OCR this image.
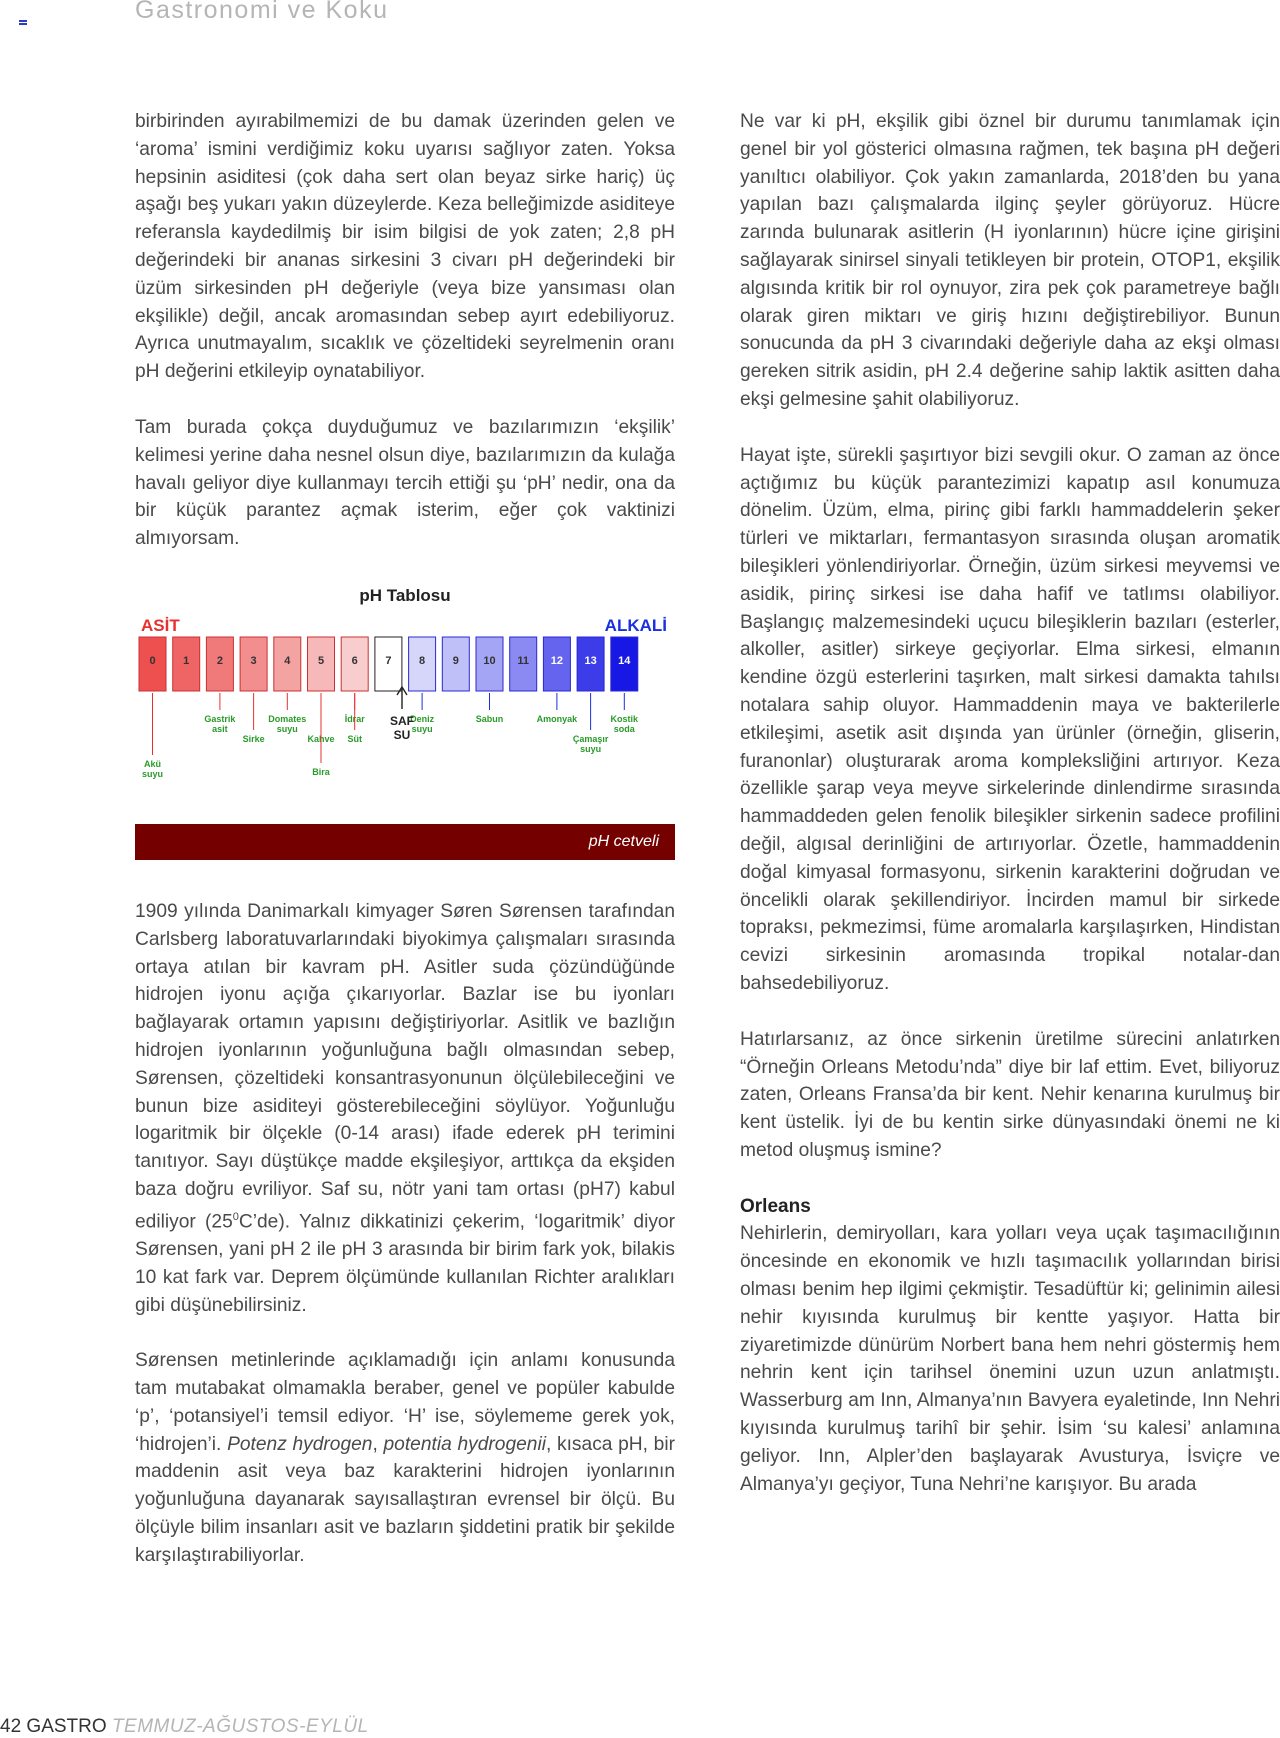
Gastronomi ve Koku

birbirinden ayırabilmemizi de bu damak üzerinden gelen ve ‘aroma’ ismini verdiğimiz koku uyarısı sağlıyor zaten. Yoksa hepsinin asiditesi (çok daha sert olan beyaz sirke hariç) üç aşağı beş yukarı yakın düzeylerde. Keza belleğimizde asiditeye referansla kaydedilmiş bir isim bilgisi de yok zaten; 2,8 pH değerindeki bir ananas sirkesini 3 civarı pH değerindeki bir üzüm sirkesinden pH değeriyle (veya bize yansıması olan ekşilikle) değil, ancak aromasından sebep ayırt edebiliyoruz. Ayrıca unutmayalım, sıcaklık ve çözeltideki seyrelmenin oranı pH değerini etkileyip oynatabiliyor.

Tam burada çokça duyduğumuz ve bazılarımızın ‘ekşilik’ kelimesi yerine daha nesnel olsun diye, bazılarımızın da kulağa havalı geliyor diye kullanmayı tercih ettiği şu ‘pH’ nedir, ona da bir küçük parantez açmak isterim, eğer çok vaktinizi almıyorsam.

pH Tablosu
ASİT	ALKALİ
0	1	2	3	4	5	6	7	8	9 10 11 12 13 14
Akü
suyu
Gastrik
asit
Sirke
Domates
suyu
Kahve
Bira
İdrar
Süt
Deniz
suyu
Sabun	Amonyak
Çamaşır
suyu
Kostik
soda
SAF
SU
pH cetveli

1909 yılında Danimarkalı kimyager Søren Sørensen tarafından Carlsberg laboratuvarlarındaki biyokimya çalışmaları sırasında ortaya atılan bir kavram pH. Asitler suda çözündüğünde hidrojen iyonu açığa çıkarıyorlar. Bazlar ise bu iyonları bağlayarak ortamın yapısını değiştiriyorlar. Asitlik ve bazlığın hidrojen iyonlarının yoğunluğuna bağlı olmasından sebep, Sørensen, çözeltideki konsantrasyonunun ölçülebileceğini ve bunun bize asiditeyi gösterebileceğini söylüyor. Yoğunluğu logaritmik bir ölçekle (0-14 arası) ifade ederek pH terimini tanıtıyor. Sayı düştükçe madde ekşileşiyor, arttıkça da ekşiden baza doğru evriliyor. Saf su, nötr yani tam ortası (pH7) kabul ediliyor $(25^0C’de)$. Yalnız dikkatinizi çekerim, ‘logaritmik’ diyor Sørensen, yani pH 2 ile pH 3 arasında bir birim fark yok, bilakis 10 kat fark var. Deprem ölçümünde kullanılan Richter aralıkları gibi düşünebilirsiniz.

Sørensen metinlerinde açıklamadığı için anlamı konusunda tam mutabakat olmamakla beraber, genel ve popüler kabulde ‘p’, ‘potansiyel’i temsil ediyor. ‘H’ ise, söylememe gerek yok, ‘hidrojen’i. Potenz hydrogen, potentia hydrogenii, kısaca pH, bir maddenin asit veya baz karakterini hidrojen iyonlarının yoğunluğuna dayanarak sayısallaştıran evrensel bir ölçü. Bu ölçüyle bilim insanları asit ve bazların şiddetini pratik bir şekilde karşılaştırabiliyorlar.

Ne var ki pH, ekşilik gibi öznel bir durumu tanımlamak için genel bir yol gösterici olmasına rağmen, tek başına pH değeri yanıltıcı olabiliyor. Çok yakın zamanlarda, 2018’den bu yana yapılan bazı çalışmalarda ilginç şeyler görüyoruz. Hücre zarında bulunarak asitlerin (H iyonlarının) hücre içine girişini sağlayarak sinirsel sinyali tetikleyen bir protein, OTOP1, ekşilik algısında kritik bir rol oynuyor, zira pek çok parametreye bağlı olarak giren miktarı ve giriş hızını değiştirebiliyor. Bunun sonucunda da pH 3 civarındaki değeriyle daha az ekşi olması gereken sitrik asidin, pH 2.4 değerine sahip laktik asitten daha ekşi gelmesine şahit olabiliyoruz.

Hayat işte, sürekli şaşırtıyor bizi sevgili okur. O zaman az önce açtığımız bu küçük parantezimizi kapatıp asıl konumuza dönelim. Üzüm, elma, pirinç gibi farklı hammaddelerin şeker türleri ve miktarları, fermantasyon sırasında oluşan aromatik bileşikleri yönlendiriyorlar. Örneğin, üzüm sirkesi meyvemsi ve asidik, pirinç sirkesi ise daha hafif ve tatlımsı olabiliyor. Başlangıç malzemesindeki uçucu bileşiklerin bazıları (esterler, alkoller, asitler) sirkeye geçiyorlar. Elma sirkesi, elmanın kendine özgü esterlerini taşırken, malt sirkesi damakta tahılsı notalara sahip oluyor. Hammaddenin maya ve bakterilerle etkileşimi, asetik asit dışında yan ürünler (örneğin, gliserin, furanonlar) oluşturarak aroma kompleksliğini artırıyor. Keza özellikle şarap veya meyve sirkelerinde dinlendirme sırasında hammaddeden gelen fenolik bileşikler sirkenin sadece profilini değil, algısal derinliğini de artırıyorlar. Özetle, hammaddenin doğal kimyasal formasyonu, sirkenin karakterini doğrudan ve öncelikli olarak şekillendiriyor. İncirden mamul bir sirkede topraksı, pekmezimsi, füme aromalarla karşılaşırken, Hindistan cevizi sirkesinin aromasında tropikal notalar-dan bahsedebiliyoruz.

Hatırlarsanız, az önce sirkenin üretilme sürecini anlatırken “Örneğin Orleans Metodu’nda” diye bir laf ettim. Evet, biliyoruz zaten, Orleans Fransa’da bir kent. Nehir kenarına kurulmuş bir kent üstelik. İyi de bu kentin sirke dünyasındaki önemi ne ki metod oluşmuş ismine?

Orleans

Nehirlerin, demiryolları, kara yolları veya uçak taşımacılığının öncesinde en ekonomik ve hızlı taşımacılık yollarından birisi olması benim hep ilgimi çekmiştir. Tesadüftür ki; gelinimin ailesi nehir kıyısında kurulmuş bir kentte yaşıyor. Hatta bir ziyaretimizde dünürüm Norbert bana hem nehri göstermiş hem nehrin kent için tarihsel önemini uzun uzun anlatmıştı. Wasserburg am Inn, Almanya’nın Bavyera eyaletinde, Inn Nehri kıyısında kurulmuş tarihî bir şehir. İsim ‘su kalesi’ anlamına geliyor. Inn, Alpler’den başlayarak Avusturya, İsviçre ve Almanya’yı geçiyor, Tuna Nehri’ne karışıyor. Bu arada

42 GASTRO TEMMUZ-AĞUSTOS-EYLÜL
